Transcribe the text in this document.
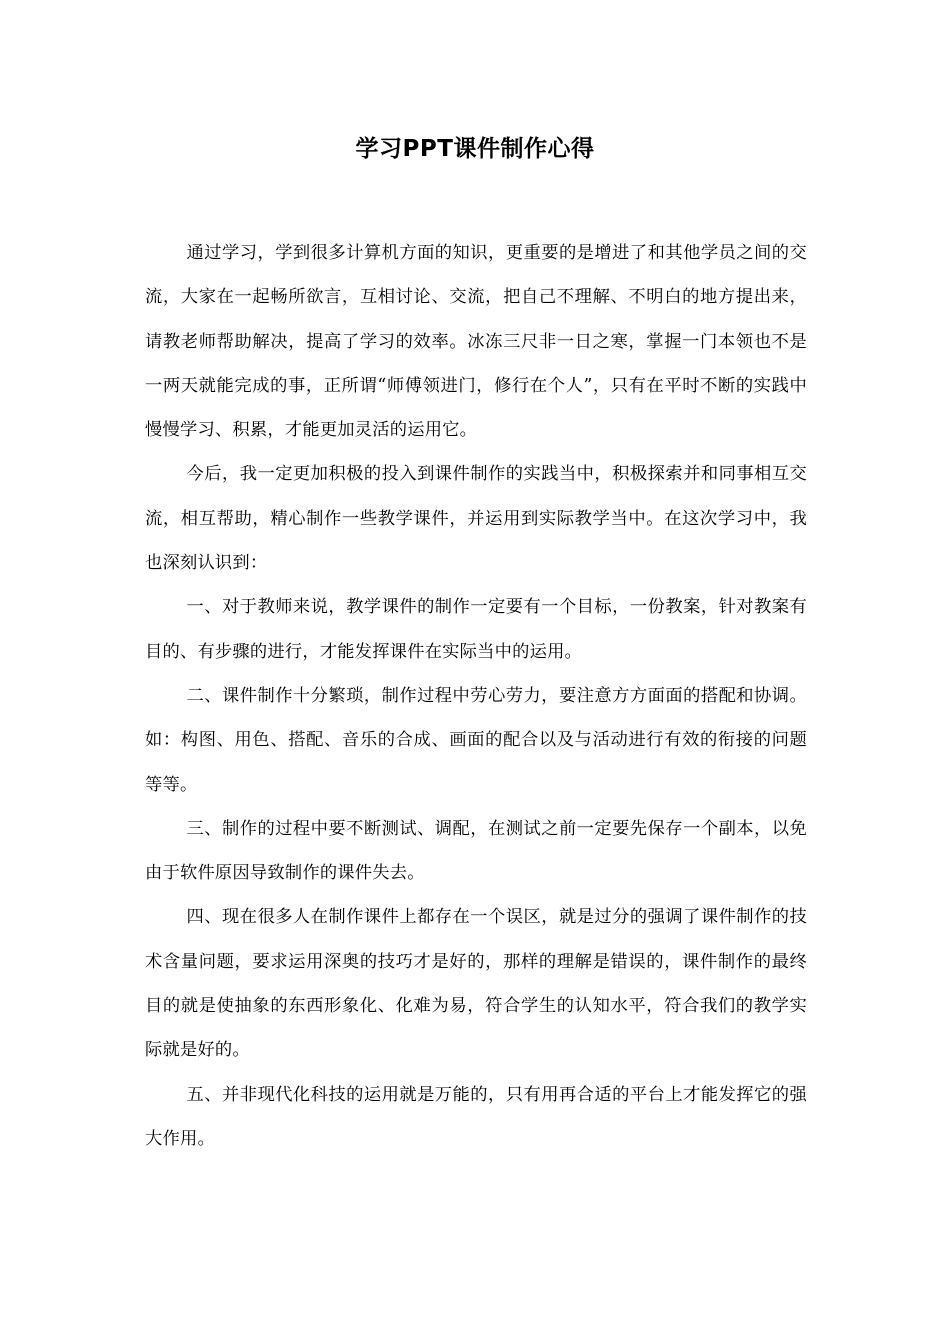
学习PPT课件制作心得

通过学习，学到很多计算机方面的知识，更重要的是增进了和其他学员之间的交流，大家在一起畅所欲言，互相讨论、交流，把自己不理解、不明白的地方提出来，请教老师帮助解决，提高了学习的效率。冰冻三尺非一日之寒，掌握一门本领也不是一两天就能完成的事，正所谓“师傅领进门，修行在个人”，只有在平时不断的实践中慢慢学习、积累，才能更加灵活的运用它。

今后，我一定更加积极的投入到课件制作的实践当中，积极探索并和同事相互交流，相互帮助，精心制作一些教学课件，并运用到实际教学当中。在这次学习中，我也深刻认识到：

一、对于教师来说，教学课件的制作一定要有一个目标，一份教案，针对教案有目的、有步骤的进行，才能发挥课件在实际当中的运用。

二、课件制作十分繁琐，制作过程中劳心劳力，要注意方方面面的搭配和协调。如：构图、用色、搭配、音乐的合成、画面的配合以及与活动进行有效的衔接的问题等等。

三、制作的过程中要不断测试、调配，在测试之前一定要先保存一个副本，以免由于软件原因导致制作的课件失去。

四、现在很多人在制作课件上都存在一个误区，就是过分的强调了课件制作的技术含量问题，要求运用深奥的技巧才是好的，那样的理解是错误的，课件制作的最终目的就是使抽象的东西形象化、化难为易，符合学生的认知水平，符合我们的教学实际就是好的。

五、并非现代化科技的运用就是万能的，只有用再合适的平台上才能发挥它的强大作用。
